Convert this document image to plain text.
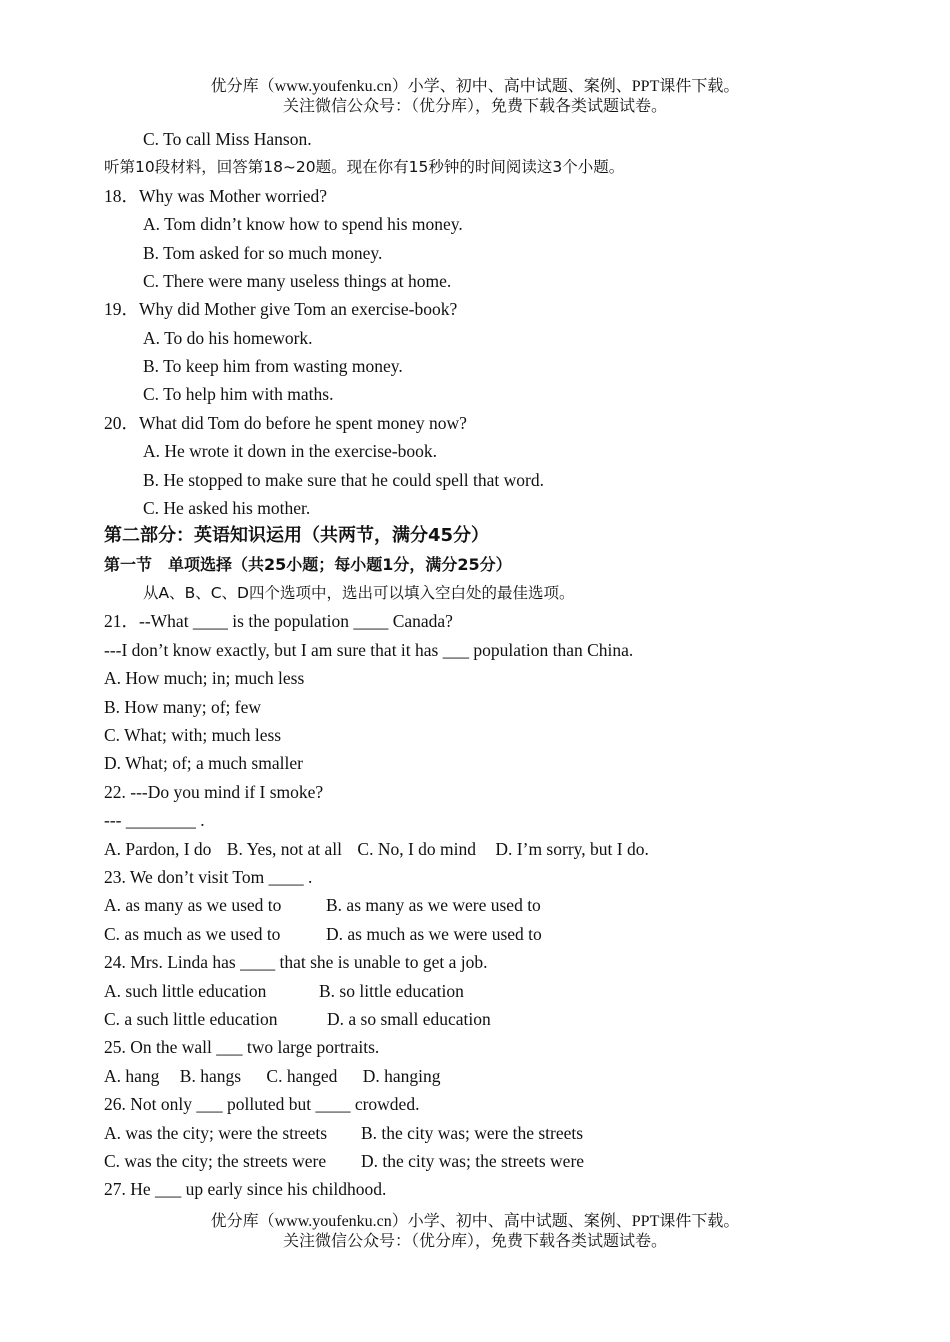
优分库（www.youfenku.cn）小学、初中、高中试题、案例、PPT课件下载。
关注微信公众号：（优分库），免费下载各类试题试卷。
C. To call Miss Hanson.
听第10段材料，回答第18~20题。现在你有15秒钟的时间阅读这3个小题。
18．Why was Mother worried?
A. Tom didn’t know how to spend his money.
B. Tom asked for so much money.
C. There were many useless things at home.
19．Why did Mother give Tom an exercise-book?
A. To do his homework.
B. To keep him from wasting money.
C. To help him with maths.
20．What did Tom do before he spent money now?
A. He wrote it down in the exercise-book.
B. He stopped to make sure that he could spell that word.
C. He asked his mother.
第二部分：英语知识运用（共两节，满分45分）
第一节　单项选择（共25小题；每小题1分，满分25分）
从A、B、C、D四个选项中，选出可以填入空白处的最佳选项。
21．--What ____ is the population ____ Canada?
---I don’t know exactly, but I am sure that it has ___ population than China.
A. How much; in; much less
B. How many; of; few
C. What; with; much less
D. What; of; a much smaller
22. ---Do you mind if I smoke?
--- ________ .
A. Pardon, I do B. Yes, not at all C. No, I do mind D. I’m sorry, but I do.
23. We don’t visit Tom ____ .
A. as many as we used to	B. as many as we were used to
C. as much as we used to	D. as much as we were used to
24. Mrs. Linda has ____ that she is unable to get a job.
A. such little education	B. so little education
C. a such little education	D. a so small education
25. On the wall ___ two large portraits.
A. hang B. hangs C. hanged D. hanging
26. Not only ___ polluted but ____ crowded.
A. was the city; were the streets B. the city was; were the streets
C. was the city; the streets were D. the city was; the streets were
27. He ___ up early since his childhood.
优分库（www.youfenku.cn）小学、初中、高中试题、案例、PPT课件下载。
关注微信公众号：（优分库），免费下载各类试题试卷。
